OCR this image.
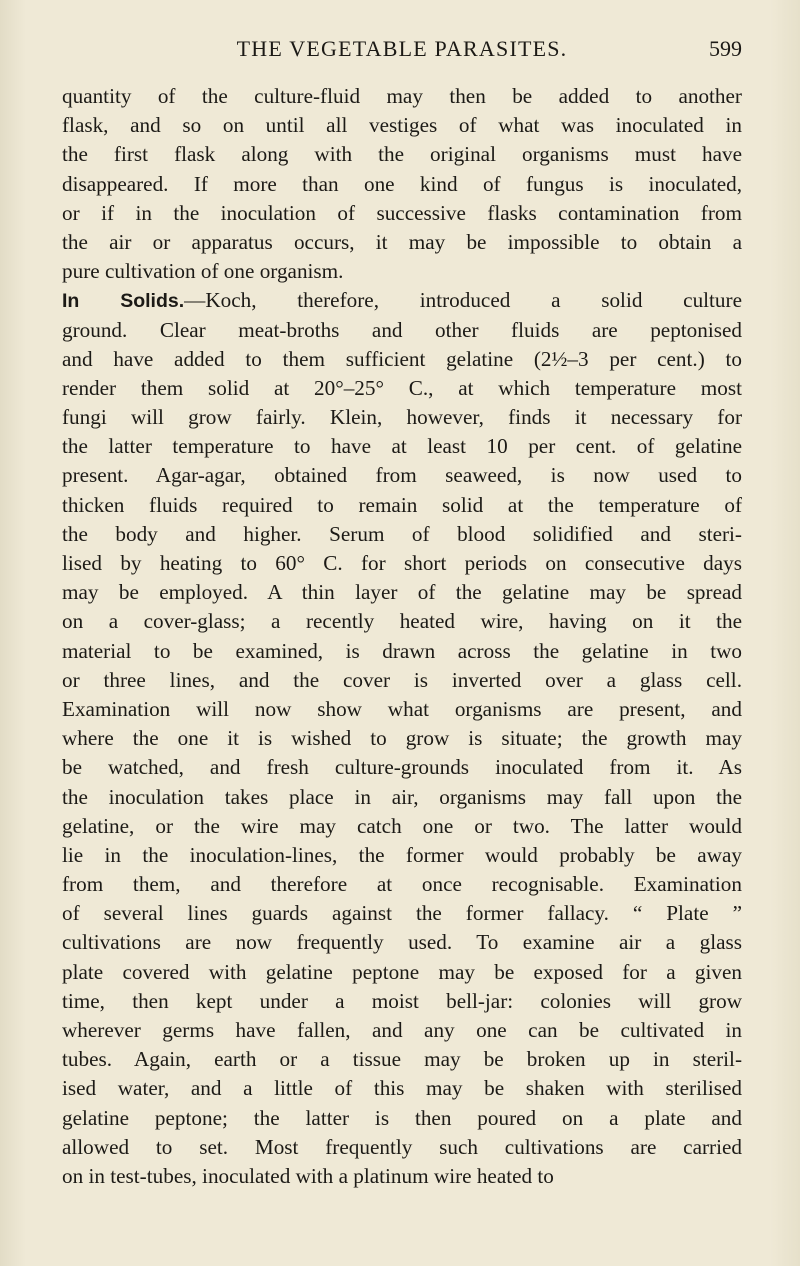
THE VEGETABLE PARASITES.	599
quantity of the culture-fluid may then be added to another
flask, and so on until all vestiges of what was inoculated in
the first flask along with the original organisms must have
disappeared. If more than one kind of fungus is inoculated,
or if in the inoculation of successive flasks contamination from
the air or apparatus occurs, it may be impossible to obtain a
pure cultivation of one organism.
In Solids.—Koch, therefore, introduced a solid culture
ground. Clear meat-broths and other fluids are peptonised
and have added to them sufficient gelatine (2½–3 per cent.) to
render them solid at 20°–25° C., at which temperature most
fungi will grow fairly. Klein, however, finds it necessary for
the latter temperature to have at least 10 per cent. of gelatine
present. Agar-agar, obtained from seaweed, is now used to
thicken fluids required to remain solid at the temperature of
the body and higher. Serum of blood solidified and steri-
lised by heating to 60° C. for short periods on consecutive days
may be employed. A thin layer of the gelatine may be spread
on a cover-glass; a recently heated wire, having on it the
material to be examined, is drawn across the gelatine in two
or three lines, and the cover is inverted over a glass cell.
Examination will now show what organisms are present, and
where the one it is wished to grow is situate; the growth may
be watched, and fresh culture-grounds inoculated from it. As
the inoculation takes place in air, organisms may fall upon the
gelatine, or the wire may catch one or two. The latter would
lie in the inoculation-lines, the former would probably be away
from them, and therefore at once recognisable. Examination
of several lines guards against the former fallacy. “ Plate ”
cultivations are now frequently used. To examine air a glass
plate covered with gelatine peptone may be exposed for a given
time, then kept under a moist bell-jar: colonies will grow
wherever germs have fallen, and any one can be cultivated in
tubes. Again, earth or a tissue may be broken up in steril-
ised water, and a little of this may be shaken with sterilised
gelatine peptone; the latter is then poured on a plate and
allowed to set. Most frequently such cultivations are carried
on in test-tubes, inoculated with a platinum wire heated to
